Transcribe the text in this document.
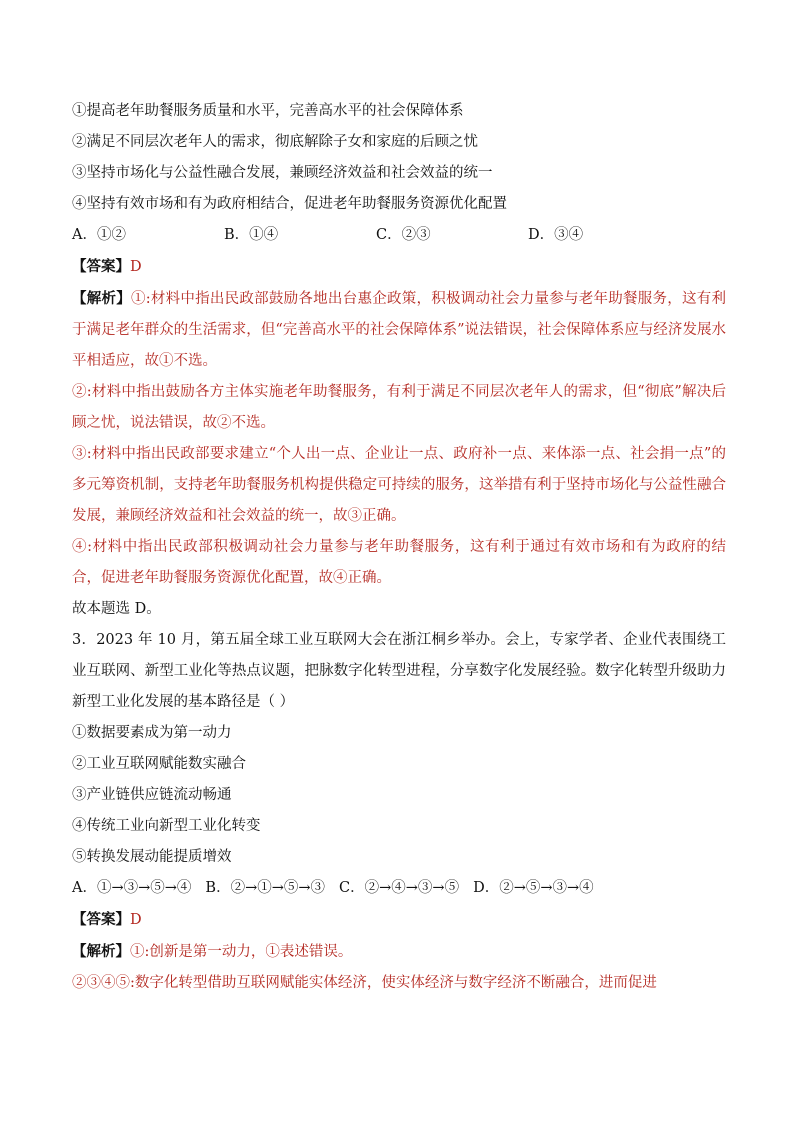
①提高老年助餐服务质量和水平，完善高水平的社会保障体系
②满足不同层次老年人的需求，彻底解除子女和家庭的后顾之忧
③坚持市场化与公益性融合发展，兼顾经济效益和社会效益的统一
④坚持有效市场和有为政府相结合，促进老年助餐服务资源优化配置
A．①②	B．①④	C．②③	D．③④
【答案】D
【解析】①:材料中指出民政部鼓励各地出台惠企政策，积极调动社会力量参与老年助餐服务，这有利于满足老年群众的生活需求，但“完善高水平的社会保障体系”说法错误，社会保障体系应与经济发展水平相适应，故①不选。
②:材料中指出鼓励各方主体实施老年助餐服务，有利于满足不同层次老年人的需求，但“彻底”解决后顾之忧，说法错误，故②不选。
③:材料中指出民政部要求建立“个人出一点、企业让一点、政府补一点、来体添一点、社会捐一点”的多元筹资机制，支持老年助餐服务机构提供稳定可持续的服务，这举措有利于坚持市场化与公益性融合发展，兼顾经济效益和社会效益的统一，故③正确。
④:材料中指出民政部积极调动社会力量参与老年助餐服务，这有利于通过有效市场和有为政府的结合，促进老年助餐服务资源优化配置，故④正确。
故本题选 D。
3．2023 年 10 月，第五届全球工业互联网大会在浙江桐乡举办。会上，专家学者、企业代表围绕工业互联网、新型工业化等热点议题，把脉数字化转型进程，分享数字化发展经验。数字化转型升级助力新型工业化发展的基本路径是（ ）
①数据要素成为第一动力
②工业互联网赋能数实融合
③产业链供应链流动畅通
④传统工业向新型工业化转变
⑤转换发展动能提质增效
A．①→③→⑤→④ B．②→①→⑤→③ C．②→④→③→⑤ D．②→⑤→③→④
【答案】D
【解析】①:创新是第一动力，①表述错误。
②③④⑤:数字化转型借助互联网赋能实体经济，使实体经济与数字经济不断融合，进而促进
